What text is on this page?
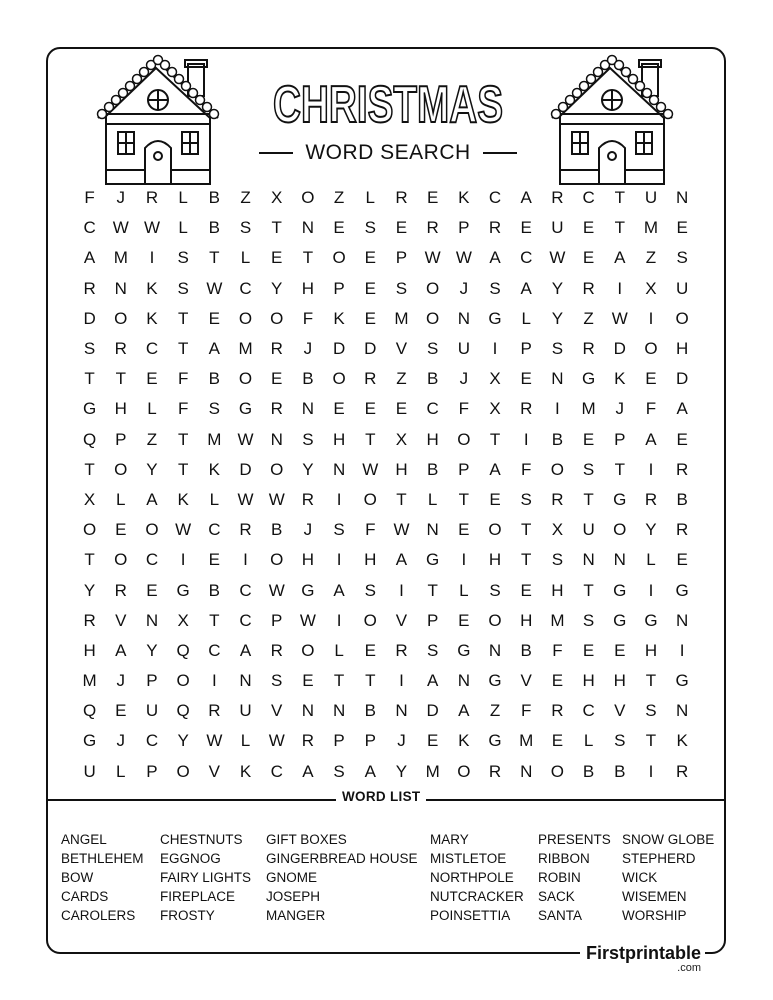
CHRISTMAS
WORD SEARCH
F	J	R	L	B	Z	X	O	Z	L	R	E	K	C	A	R	C	T	U	N
C	W W	L	B	S	T	N	E	S	E	R	P	R	E	U	E	T	M	E
A	M	I	S	T	L	E	T	O	E	P	W W	A	C	W	E	A	Z	S
R	N	K	S	W	C	Y	H	P	E	S	O	J	S	A	Y	R	I	X	U
D	O	K	T	E	O	O	F	K	E	M	O	N	G	L	Y	Z	W	I	O
S	R	C	T	A	M	R	J	D	D	V	S	U	I	P	S	R	D	O	H
T	T	E	F	B	O	E	B	O	R	Z	B	J	X	E	N	G	K	E	D
G	H	L	F	S	G	R	N	E	E	E	C	F	X	R	I	M	J	F	A
Q	P	Z	T	M W	N	S	H	T	X	H	O	T	I	B	E	P	A	E
T	O	Y	T	K	D	O	Y	N	W	H	B	P	A	F	O	S	T	I	R
X	L	A	K	L	W W	R	I	O	T	L	T	E	S	R	T	G	R	B
O	E	O W	C	R	B	J	S	F	W	N	E	O	T	X	U	O	Y	R
T	O	C	I	E	I	O	H	I	H	A	G	I	H	T	S	N	N	L	E
Y	R	E	G	B	C	W G	A	S	I	T	L	S	E	H	T	G	I	G
R	V	N	X	T	C	P	W	I	O	V	P	E	O	H	M	S	G	G	N
H	A	Y	Q	C	A	R	O	L	E	R	S	G	N	B	F	E	E	H	I
M	J	P	O	I	N	S	E	T	T	I	A	N	G	V	E	H	H	T	G
Q	E	U	Q	R	U	V	N	N	B	N	D	A	Z	F	R	C	V	S	N
G	J	C	Y	W	L	W	R	P	P	J	E	K	G	M	E	L	S	T	K
U	L	P	O	V	K	C	A	S	A	Y	M	O	R	N	O	B	B	I	R
WORD LIST
ANGEL
BETHLEHEM
BOW
CARDS
CAROLERS
CHESTNUTS
EGGNOG
FAIRY LIGHTS
FIREPLACE
FROSTY
GIFT BOXES
GINGERBREAD HOUSE
GNOME
JOSEPH
MANGER
MARY
MISTLETOE
NORTHPOLE
NUTCRACKER
POINSETTIA
PRESENTS
RIBBON
ROBIN
SACK
SANTA
SNOW GLOBE
STEPHERD
WICK
WISEMEN
WORSHIP
Firstprintable
.com
